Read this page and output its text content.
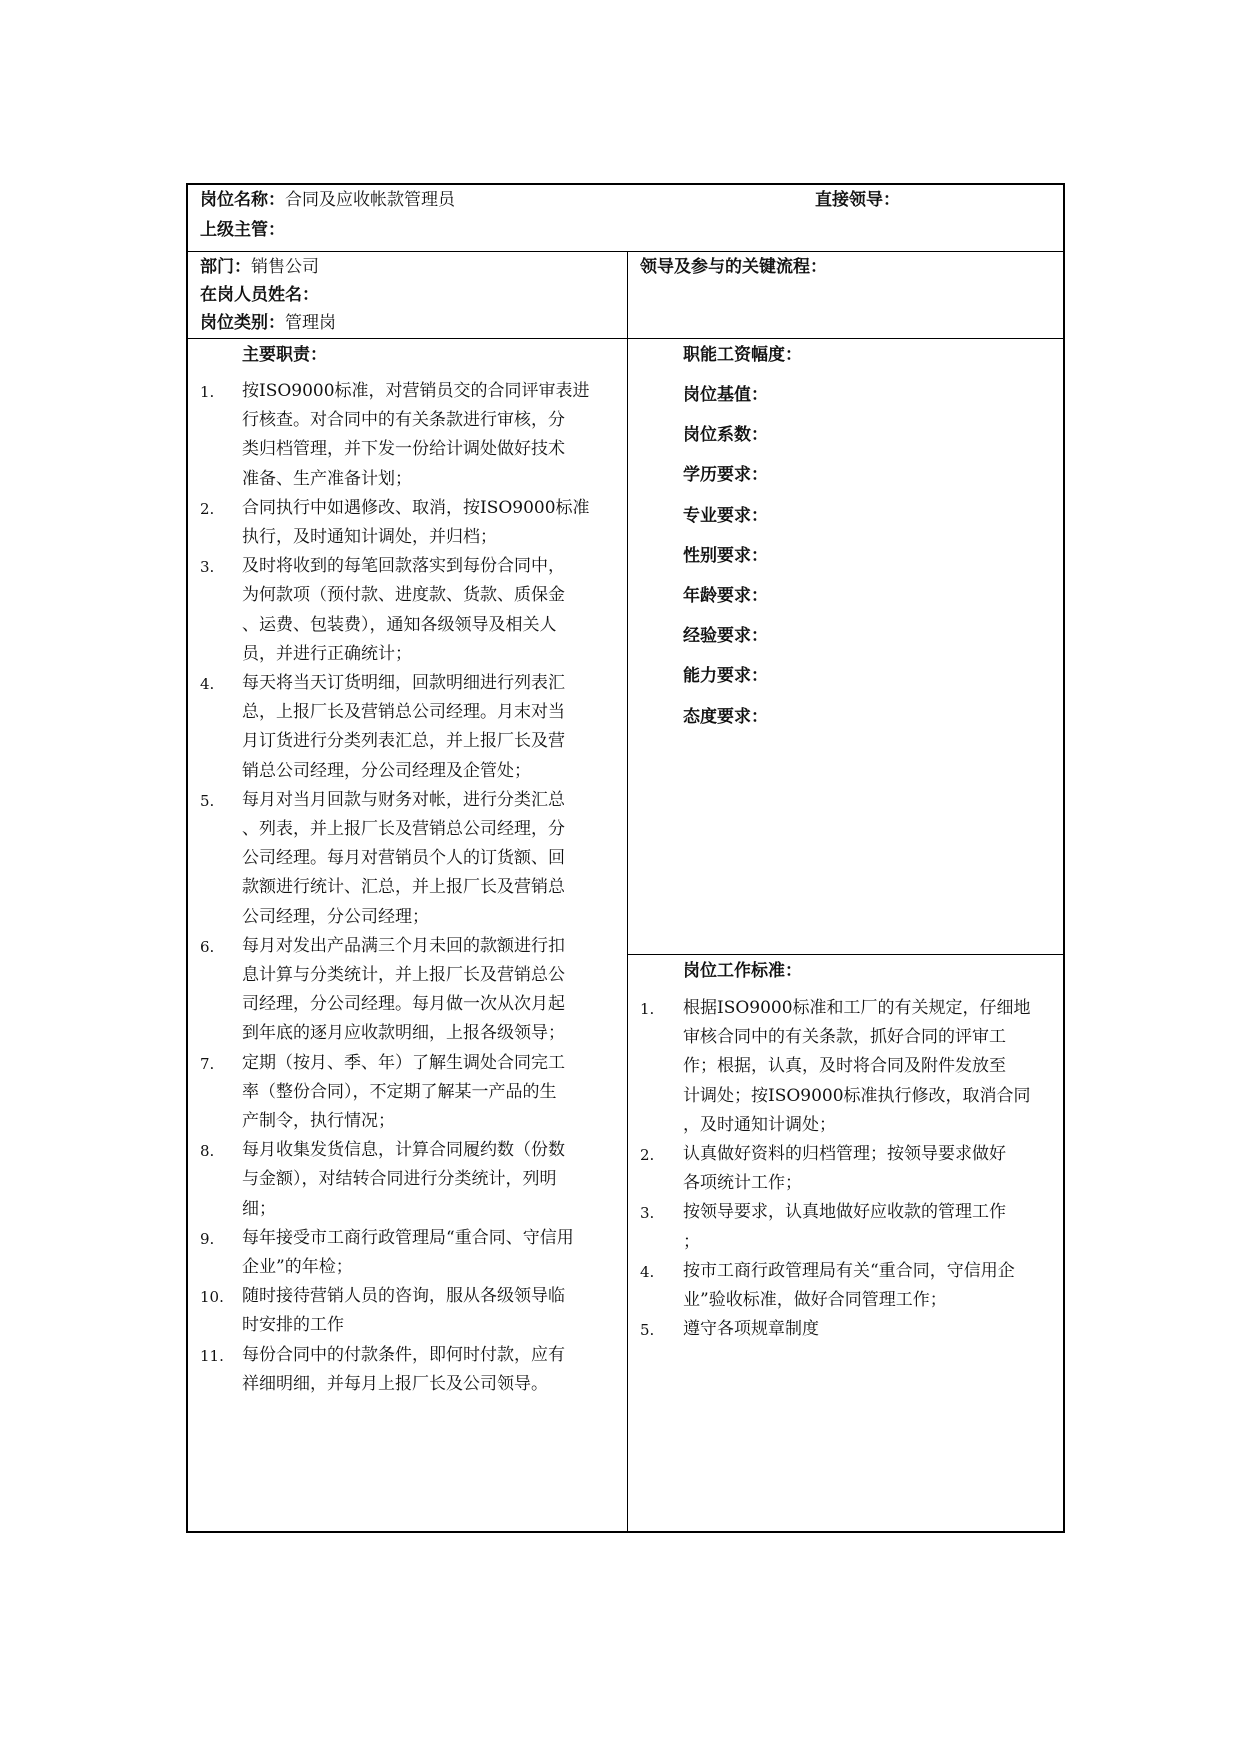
岗位名称：合同及应收帐款管理员	直接领导：
上级主管：
部门：销售公司
在岗人员姓名：
岗位类别：管理岗
领导及参与的关键流程：
主要职责：
1. 按ISO9000标准，对营销员交的合同评审表进
行核查。对合同中的有关条款进行审核，分
类归档管理，并下发一份给计调处做好技术
准备、生产准备计划；
2. 合同执行中如遇修改、取消，按ISO9000标准
执行，及时通知计调处，并归档；
3. 及时将收到的每笔回款落实到每份合同中，
为何款项（预付款、进度款、货款、质保金
、运费、包装费），通知各级领导及相关人
员，并进行正确统计；
4. 每天将当天订货明细，回款明细进行列表汇
总，上报厂长及营销总公司经理。月末对当
月订货进行分类列表汇总，并上报厂长及营
销总公司经理，分公司经理及企管处；
5. 每月对当月回款与财务对帐，进行分类汇总
、列表，并上报厂长及营销总公司经理，分
公司经理。每月对营销员个人的订货额、回
款额进行统计、汇总，并上报厂长及营销总
公司经理，分公司经理；
6. 每月对发出产品满三个月未回的款额进行扣
息计算与分类统计，并上报厂长及营销总公
司经理，分公司经理。每月做一次从次月起
到年底的逐月应收款明细，上报各级领导；
7. 定期（按月、季、年）了解生调处合同完工
率（整份合同），不定期了解某一产品的生
产制令，执行情况；
8. 每月收集发货信息，计算合同履约数（份数
与金额），对结转合同进行分类统计，列明
细；
9. 每年接受市工商行政管理局“重合同、守信用
企业”的年检；
10. 随时接待营销人员的咨询，服从各级领导临
时安排的工作
11. 每份合同中的付款条件，即何时付款，应有
祥细明细，并每月上报厂长及公司领导。
职能工资幅度：
岗位基值：
岗位系数：
学历要求：
专业要求：
性别要求：
年龄要求：
经验要求：
能力要求：
态度要求：
岗位工作标准：
1. 根据ISO9000标准和工厂的有关规定，仔细地
审核合同中的有关条款，抓好合同的评审工
作；根据，认真，及时将合同及附件发放至
计调处；按ISO9000标准执行修改，取消合同
，及时通知计调处；
2. 认真做好资料的归档管理；按领导要求做好
各项统计工作；
3. 按领导要求，认真地做好应收款的管理工作
；
4. 按市工商行政管理局有关“重合同，守信用企
业”验收标准，做好合同管理工作；
5. 遵守各项规章制度
